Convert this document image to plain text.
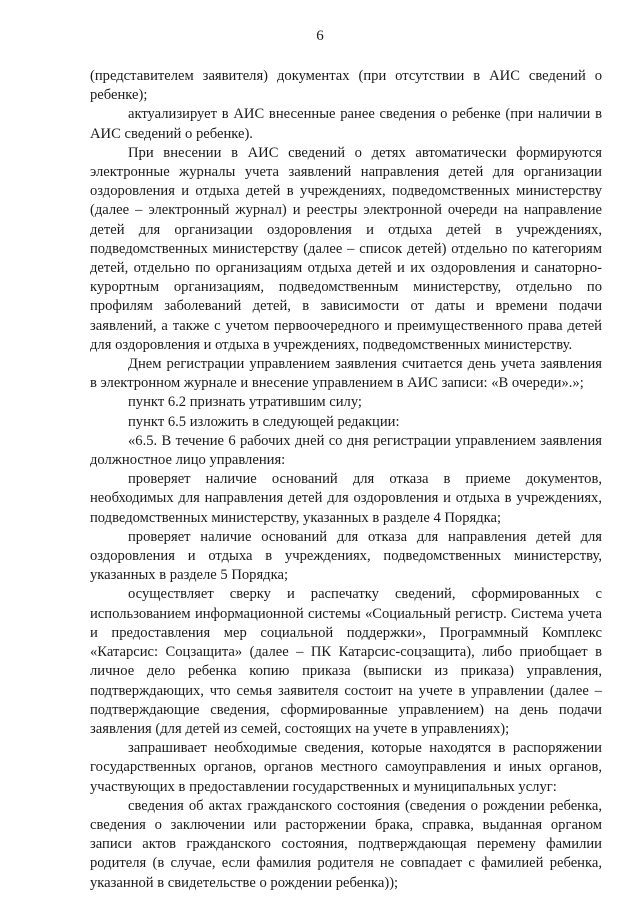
6

(представителем заявителя) документах (при отсутствии в АИС сведений о ребенке);

актуализирует в АИС внесенные ранее сведения о ребенке (при наличии в АИС сведений о ребенке).

При внесении в АИС сведений о детях автоматически формируются электронные журналы учета заявлений направления детей для организации оздоровления и отдыха детей в учреждениях, подведомственных министерству (далее – электронный журнал) и реестры электронной очереди на направление детей для организации оздоровления и отдыха детей в учреждениях, подведомственных министерству (далее – список детей) отдельно по категориям детей, отдельно по организациям отдыха детей и их оздоровления и санаторно-курортным организациям, подведомственным министерству, отдельно по профилям заболеваний детей, в зависимости от даты и времени подачи заявлений, а также с учетом первоочередного и преимущественного права детей для оздоровления и отдыха в учреждениях, подведомственных министерству.

Днем регистрации управлением заявления считается день учета заявления в электронном журнале и внесение управлением в АИС записи: «В очереди».»;

пункт 6.2 признать утратившим силу;

пункт 6.5 изложить в следующей редакции:

«6.5. В течение 6 рабочих дней со дня регистрации управлением заявления должностное лицо управления:

проверяет наличие оснований для отказа в приеме документов, необходимых для направления детей для оздоровления и отдыха в учреждениях, подведомственных министерству, указанных в разделе 4 Порядка;

проверяет наличие оснований для отказа для направления детей для оздоровления и отдыха в учреждениях, подведомственных министерству, указанных в разделе 5 Порядка;

осуществляет сверку и распечатку сведений, сформированных с использованием информационной системы «Социальный регистр. Система учета и предоставления мер социальной поддержки», Программный Комплекс «Катарсис: Соцзащита» (далее – ПК Катарсис-соцзащита), либо приобщает в личное дело ребенка копию приказа (выписки из приказа) управления, подтверждающих, что семья заявителя состоит на учете в управлении (далее – подтверждающие сведения, сформированные управлением) на день подачи заявления (для детей из семей, состоящих на учете в управлениях);

запрашивает необходимые сведения, которые находятся в распоряжении государственных органов, органов местного самоуправления и иных органов, участвующих в предоставлении государственных и муниципальных услуг:

сведения об актах гражданского состояния (сведения о рождении ребенка, сведения о заключении или расторжении брака, справка, выданная органом записи актов гражданского состояния, подтверждающая перемену фамилии родителя (в случае, если фамилия родителя не совпадает с фамилией ребенка, указанной в свидетельстве о рождении ребенка));
